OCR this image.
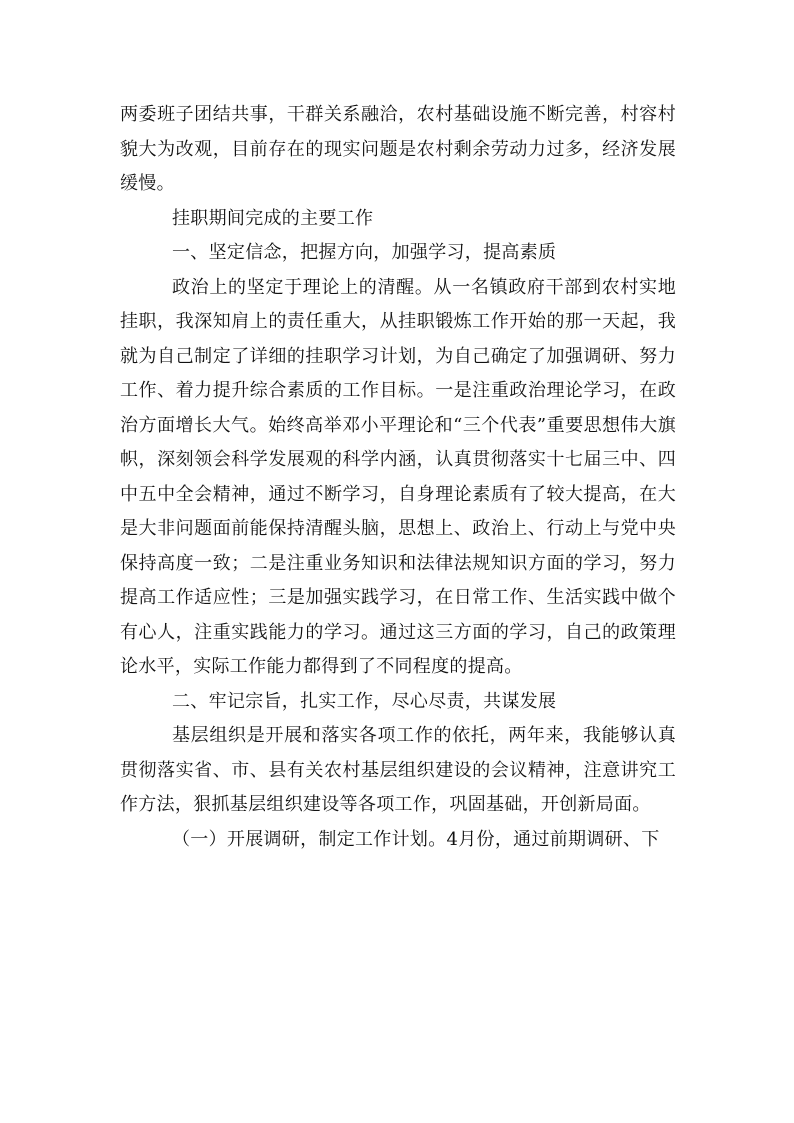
两委班子团结共事，干群关系融洽，农村基础设施不断完善，村容村貌大为改观，目前存在的现实问题是农村剩余劳动力过多，经济发展缓慢。

挂职期间完成的主要工作

一、坚定信念，把握方向，加强学习，提高素质

政治上的坚定于理论上的清醒。从一名镇政府干部到农村实地挂职，我深知肩上的责任重大，从挂职锻炼工作开始的那一天起，我就为自己制定了详细的挂职学习计划，为自己确定了加强调研、努力工作、着力提升综合素质的工作目标。一是注重政治理论学习，在政治方面增长大气。始终高举邓小平理论和“三个代表”重要思想伟大旗帜，深刻领会科学发展观的科学内涵，认真贯彻落实十七届三中、四中五中全会精神，通过不断学习，自身理论素质有了较大提高，在大是大非问题面前能保持清醒头脑，思想上、政治上、行动上与党中央保持高度一致；二是注重业务知识和法律法规知识方面的学习，努力提高工作适应性；三是加强实践学习，在日常工作、生活实践中做个有心人，注重实践能力的学习。通过这三方面的学习，自己的政策理论水平，实际工作能力都得到了不同程度的提高。

二、牢记宗旨，扎实工作，尽心尽责，共谋发展

基层组织是开展和落实各项工作的依托，两年来，我能够认真贯彻落实省、市、县有关农村基层组织建设的会议精神，注意讲究工作方法，狠抓基层组织建设等各项工作，巩固基础，开创新局面。

（一）开展调研，制定工作计划。4月份，通过前期调研、下
